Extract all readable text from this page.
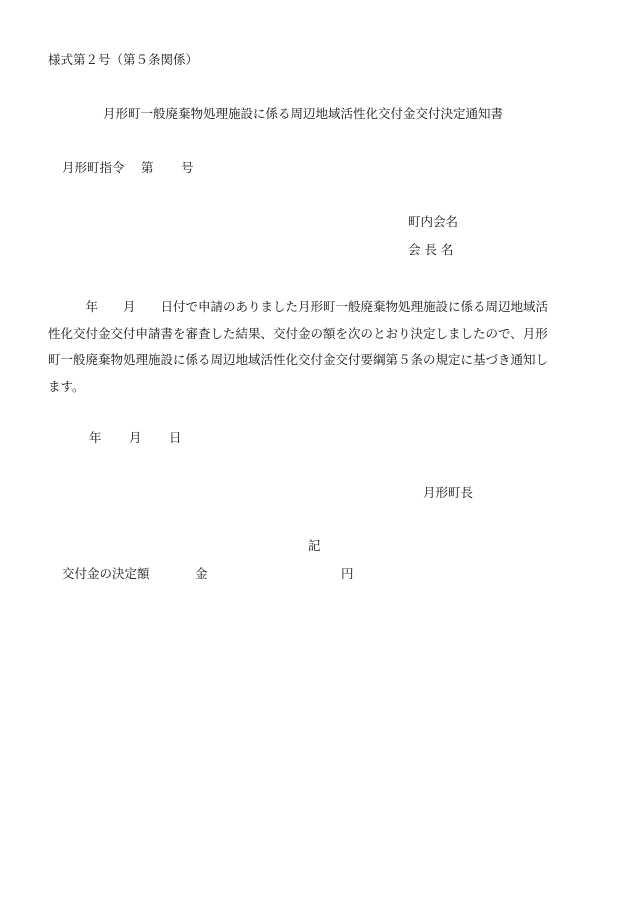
様式第２号（第５条関係）
月形町一般廃棄物処理施設に係る周辺地域活性化交付金交付決定通知書
月形町指令 第 号
町内会名
会 長 名
　　　年　　月　　日付で申請のありました月形町一般廃棄物処理施設に係る周辺地域活
性化交付金交付申請書を審査した結果、交付金の額を次のとおり決定しましたので、月形
町一般廃棄物処理施設に係る周辺地域活性化交付金交付要綱第５条の規定に基づき通知し
ます。
年 月 日
月形町長
記
交付金の決定額	金	円
